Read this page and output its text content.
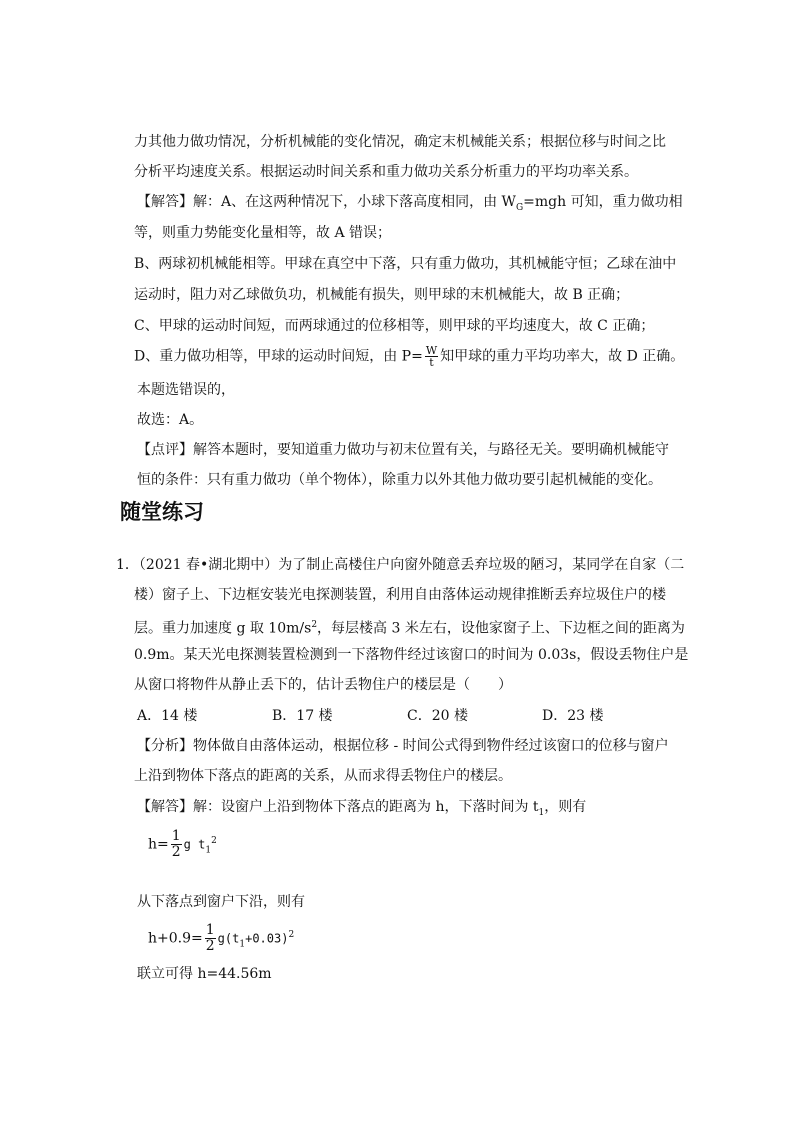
力其他力做功情况，分析机械能的变化情况，确定末机械能关系；根据位移与时间之比
分析平均速度关系。根据运动时间关系和重力做功关系分析重力的平均功率关系。
【解答】解：A、在这两种情况下，小球下落高度相同，由 $W_G=mgh$ 可知，重力做功相
等，则重力势能变化量相等，故 A 错误；
B、两球初机械能相等。甲球在真空中下落，只有重力做功，其机械能守恒；乙球在油中
运动时，阻力对乙球做负功，机械能有损失，则甲球的末机械能大，故 B 正确；
C、甲球的运动时间短，而两球通过的位移相等，则甲球的平均速度大，故 C 正确；
D、重力做功相等，甲球的运动时间短，由 $P= \frac{W}{t}$ 知甲球的重力平均功率大，故 D 正确。
本题选错误的，
故选：A。
【点评】解答本题时，要知道重力做功与初末位置有关，与路径无关。要明确机械能守
恒的条件：只有重力做功（单个物体），除重力以外其他力做功要引起机械能的变化。
随堂练习
1．（2021 春•湖北期中）为了制止高楼住户向窗外随意丢弃垃圾的陋习，某同学在自家（二
楼）窗子上、下边框安装光电探测装置，利用自由落体运动规律推断丢弃垃圾住户的楼
层。重力加速度 g 取 $10m/s^2$，每层楼高 3 米左右，设他家窗子上、下边框之间的距离为
0.9m。某天光电探测装置检测到一下落物件经过该窗口的时间为 0.03s，假设丢物住户是
从窗口将物件从静止丢下的，估计丢物住户的楼层是（　　）
A．14 楼	B．17 楼	C．20 楼	D．23 楼
【分析】物体做自由落体运动，根据位移 - 时间公式得到物件经过该窗口的位移与窗户
上沿到物体下落点的距离的关系，从而求得丢物住户的楼层。
【解答】解：设窗户上沿到物体下落点的距离为 h，下落时间为 $t_1$，则有
$h= \frac{1}{2}$ g $t_1^2$
从下落点到窗户下沿，则有
$h+0.9= \frac{1}{2} g(t_1+0.03)^2$
联立可得 h=44.56m
